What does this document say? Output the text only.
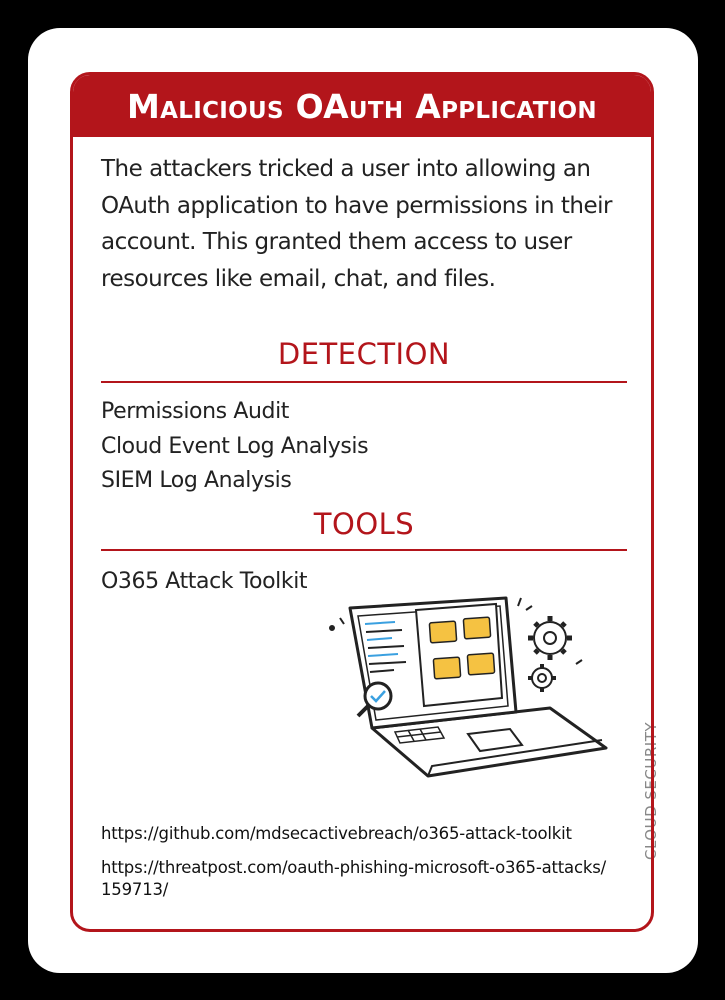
CLOUD SECURITY
Malicious OAuth Application
The attackers tricked a user into allowing an OAuth application to have permissions in their account. This granted them access to user resources like email, chat, and files.
DETECTION
Permissions Audit
Cloud Event Log Analysis
SIEM Log Analysis
TOOLS
O365 Attack Toolkit
https://github.com/mdsecactivebreach/o365-attack-toolkit
https://threatpost.com/oauth-phishing-microsoft-o365-attacks/
159713/
